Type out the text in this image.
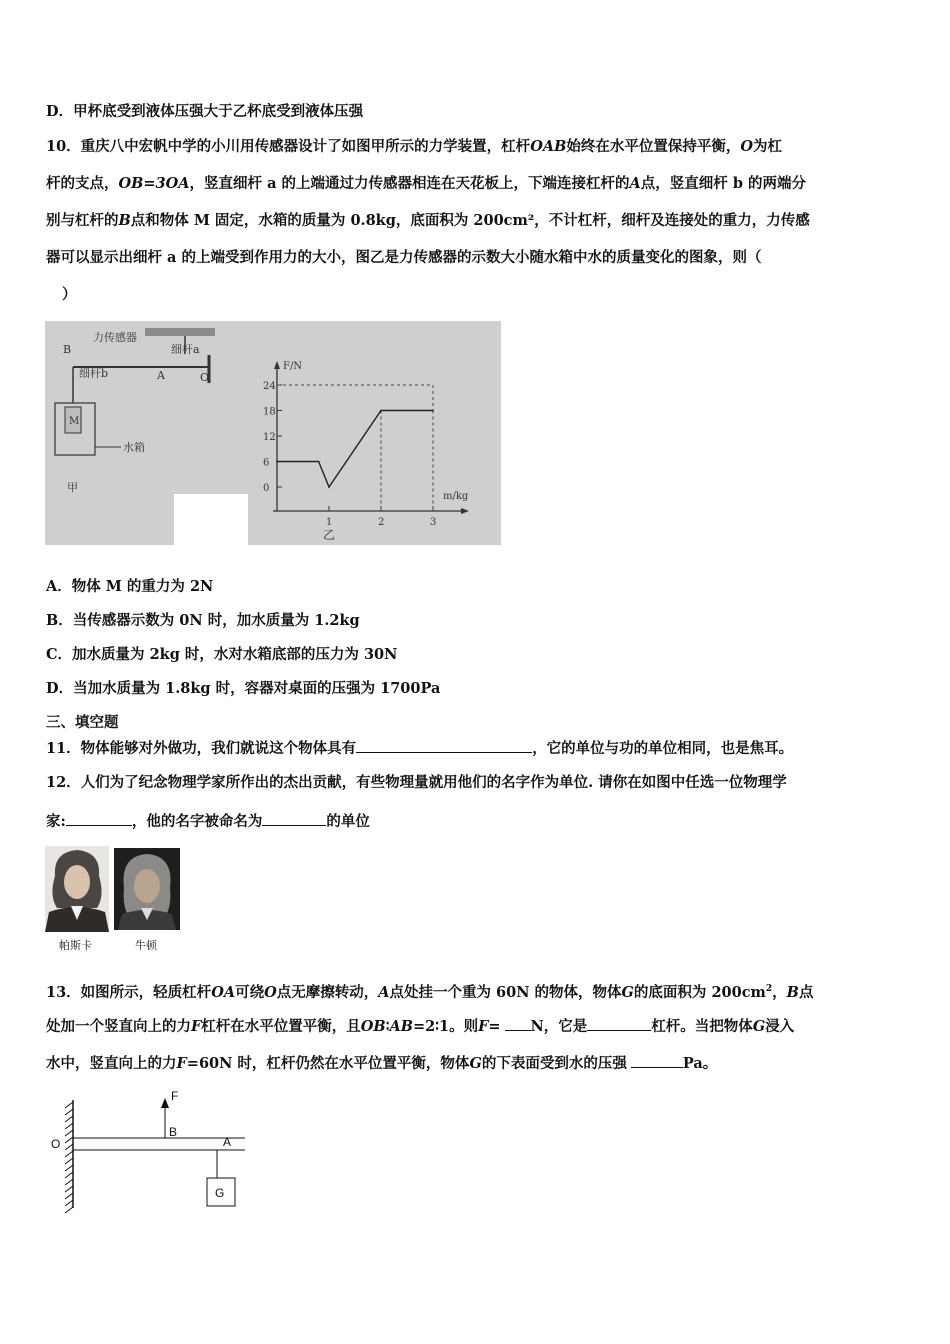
D．甲杯底受到液体压强大于乙杯底受到液体压强
10．重庆八中宏帆中学的小川用传感器设计了如图甲所示的力学装置，杠杆OAB始终在水平位置保持平衡，O为杠
杆的支点，OB=3OA，竖直细杆 a 的上端通过力传感器相连在天花板上，下端连接杠杆的A点，竖直细杆 b 的两端分
别与杠杆的B点和物体 M 固定，水箱的质量为 0.8kg，底面积为 200cm²，不计杠杆，细杆及连接处的重力，力传感
器可以显示出细杆 a 的上端受到作用力的大小，图乙是力传感器的示数大小随水箱中水的质量变化的图象，则（
）
力传感器
细杆a
B
A	O
细杆b
M
水箱
甲
F/N
m/kg
24
18
12
6
0
1	2	3
乙
A．物体 M 的重力为 2N
B．当传感器示数为 0N 时，加水质量为 1.2kg
C．加水质量为 2kg 时，水对水箱底部的压力为 30N
D．当加水质量为 1.8kg 时，容器对桌面的压强为 1700Pa
三、填空题
11．物体能够对外做功，我们就说这个物体具有	，它的单位与功的单位相同，也是焦耳。
12．人们为了纪念物理学家所作出的杰出贡献，有些物理量就用他们的名字作为单位. 请你在如图中任选一位物理学
家:	，他的名字被命名为	的单位
帕斯卡	牛顿
13．如图所示，轻质杠杆OA可绕O点无摩擦转动，A点处挂一个重为 60N 的物体，物体G的底面积为 $200cm^2$，B点
处加一个竖直向上的力F杠杆在水平位置平衡，且OB∶AB=2∶1。则F= N，它是	杠杆。当把物体G浸入
水中，竖直向上的力F=60N 时，杠杆仍然在水平位置平衡，物体G的下表面受到水的压强	Pa。
F
B
O	A
G
